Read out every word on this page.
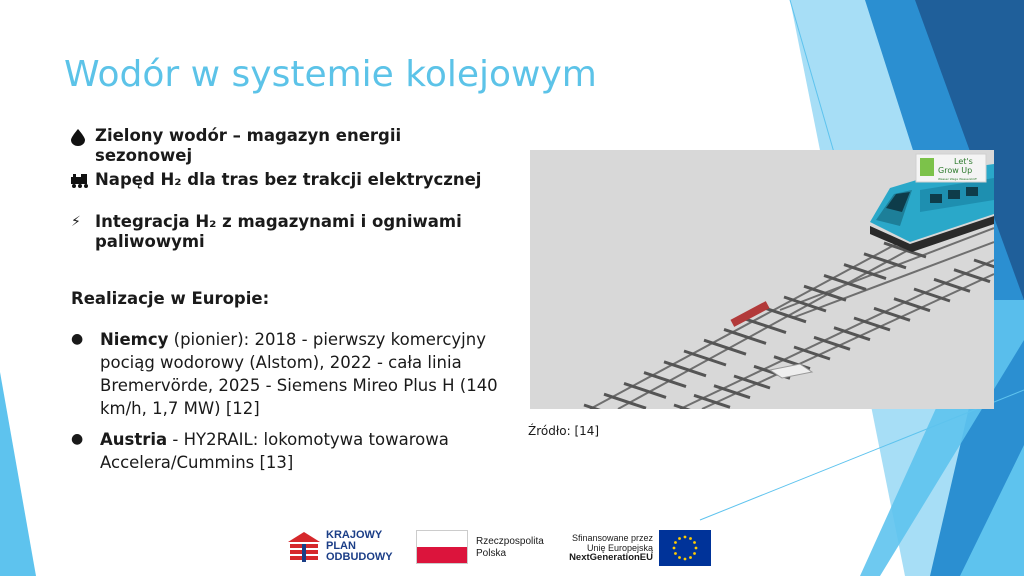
Wodór w systemie kolejowym
Zielony wodór – magazyn energii sezonowej
Napęd H₂ dla tras bez trakcji elektrycznej
⚡ Integracja H₂ z magazynami i ogniwami paliwowymi
Realizacje w Europie:
●	Niemcy (pionier): 2018 - pierwszy komercyjny pociąg wodorowy (Alstom), 2022 - cała linia Bremervörde, 2025 - Siemens Mireo Plus H (140 km/h, 1,7 MW) [12]
●	Austria - HY2RAIL: lokomotywa towarowa Accelera/Cummins [13]
Let's
Grow Up
Wasser Wege Wasserstoff
Źródło: [14]
KRAJOWY
PLAN
ODBUDOWY
Rzeczpospolita
Polska
Sfinansowane przez
Unię Europejską
NextGenerationEU
